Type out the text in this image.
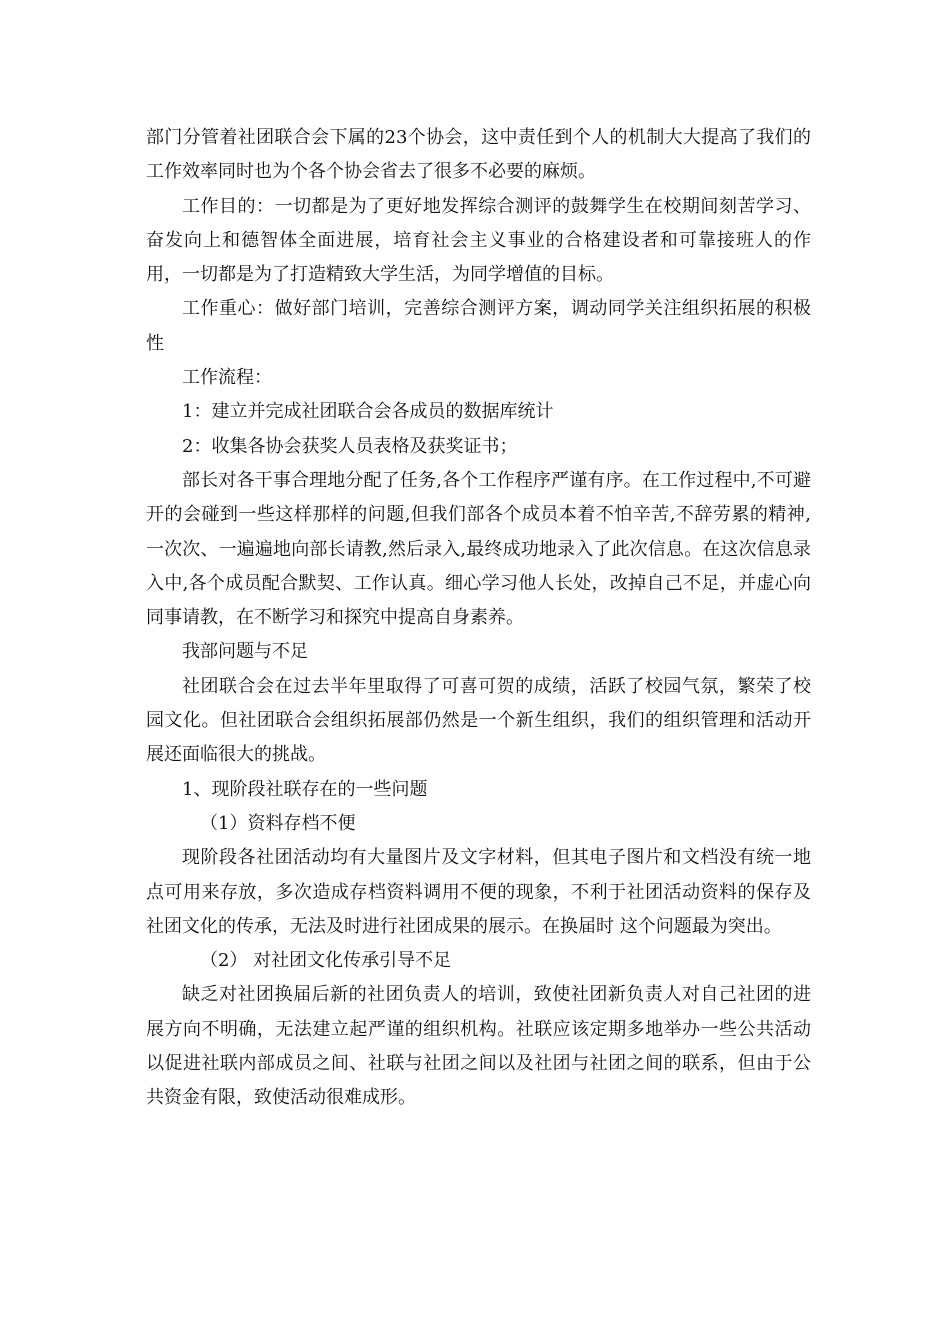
部门分管着社团联合会下属的23个协会，这中责任到个人的机制大大提高了我们的工作效率同时也为个各个协会省去了很多不必要的麻烦。

工作目的：一切都是为了更好地发挥综合测评的鼓舞学生在校期间刻苦学习、奋发向上和德智体全面进展，培育社会主义事业的合格建设者和可靠接班人的作用，一切都是为了打造精致大学生活，为同学增值的目标。

工作重心：做好部门培训，完善综合测评方案，调动同学关注组织拓展的积极性

工作流程：

1：建立并完成社团联合会各成员的数据库统计

2：收集各协会获奖人员表格及获奖证书；

部长对各干事合理地分配了任务,各个工作程序严谨有序。在工作过程中,不可避开的会碰到一些这样那样的问题,但我们部各个成员本着不怕辛苦,不辞劳累的精神,一次次、一遍遍地向部长请教,然后录入,最终成功地录入了此次信息。在这次信息录入中,各个成员配合默契、工作认真。细心学习他人长处，改掉自己不足，并虚心向同事请教，在不断学习和探究中提高自身素养。

我部问题与不足

社团联合会在过去半年里取得了可喜可贺的成绩，活跃了校园气氛，繁荣了校园文化。但社团联合会组织拓展部仍然是一个新生组织，我们的组织管理和活动开展还面临很大的挑战。

1、现阶段社联存在的一些问题

（1）资料存档不便

现阶段各社团活动均有大量图片及文字材料，但其电子图片和文档没有统一地点可用来存放，多次造成存档资料调用不便的现象，不利于社团活动资料的保存及社团文化的传承，无法及时进行社团成果的展示。在换届时 这个问题最为突出。

（2） 对社团文化传承引导不足

缺乏对社团换届后新的社团负责人的培训，致使社团新负责人对自己社团的进展方向不明确，无法建立起严谨的组织机构。社联应该定期多地举办一些公共活动以促进社联内部成员之间、社联与社团之间以及社团与社团之间的联系，但由于公共资金有限，致使活动很难成形。
